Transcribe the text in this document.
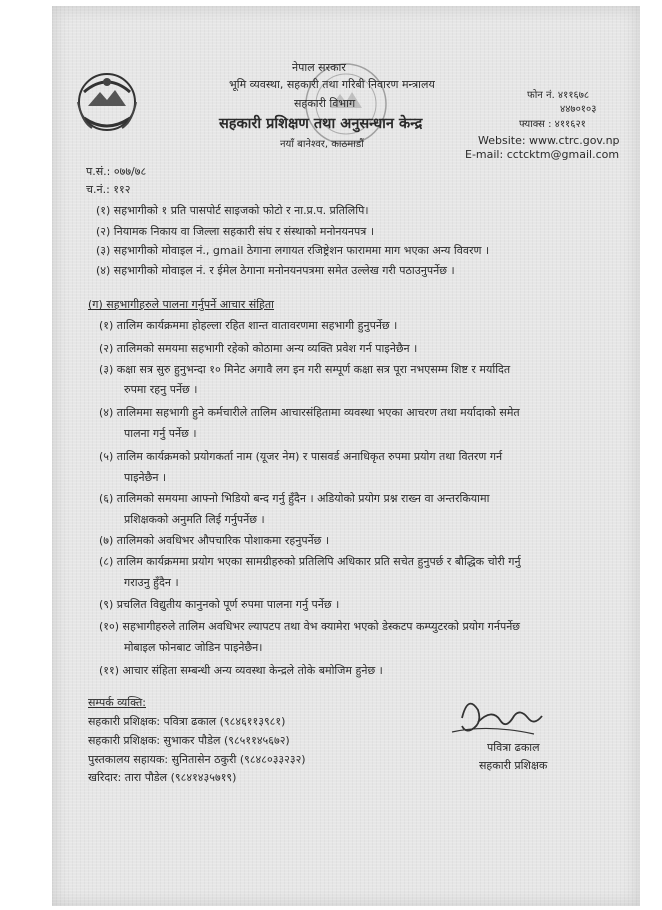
नेपाल सरकार
भूमि व्यवस्था, सहकारी तथा गरिबी निवारण मन्त्रालय
सहकारी विभाग
सहकारी प्रशिक्षण तथा अनुसन्धान केन्द्र
नयाँ बानेश्वर, काठमाडौं
फोन नं. ४११६७८
४४७०१०३
फ्याक्स : ४११६२१
Website: www.ctrc.gov.np
E-mail: cctcktm@gmail.com
प.सं.: ०७७/७८
च.नं.: ११२
(१) सहभागीको १ प्रति पासपोर्ट साइजको फोटो र ना.प्र.प. प्रतिलिपि।
(२) नियामक निकाय वा जिल्ला सहकारी संघ र संस्थाको मनोनयनपत्र ।
(३) सहभागीको मोवाइल नं., gmail ठेगाना लगायत रजिष्ट्रेशन फाराममा माग भएका अन्य विवरण ।
(४) सहभागीको मोवाइल नं. र ईमेल ठेगाना मनोनयनपत्रमा समेत उल्लेख गरी पठाउनुपर्नेछ ।
(ग) सहभागीहरुले पालना गर्नुपर्ने आचार संहिता
(१) तालिम कार्यक्रममा होहल्ला रहित शान्त वातावरणमा सहभागी हुनुपर्नेछ ।
(२) तालिमको समयमा सहभागी रहेको कोठामा अन्य व्यक्ति प्रवेश गर्न पाइनेछैन ।
(३) कक्षा सत्र सुरु हुनुभन्दा १० मिनेट अगावै लग इन गरी सम्पूर्ण कक्षा सत्र पूरा नभएसम्म शिष्ट र मर्यादित
रुपमा रहनु पर्नेछ ।
(४) तालिममा सहभागी हुने कर्मचारीले तालिम आचारसंहितामा व्यवस्था भएका आचरण तथा मर्यादाको समेत
पालना गर्नु पर्नेछ ।
(५) तालिम कार्यक्रमको प्रयोगकर्ता नाम (यूजर नेम) र पासवर्ड अनाधिकृत रुपमा प्रयोग तथा वितरण गर्न
पाइनेछैन ।
(६) तालिमको समयमा आफ्नो भिडियो बन्द गर्नु हुँदैन । अडियोको प्रयोग प्रश्न राख्न वा अन्तरकियामा
प्रशिक्षकको अनुमति लिई गर्नुपर्नेछ ।
(७) तालिमको अवधिभर औपचारिक पोशाकमा रहनुपर्नेछ ।
(८) तालिम कार्यक्रममा प्रयोग भएका सामग्रीहरुको प्रतिलिपि अधिकार प्रति सचेत हुनुपर्छ र बौद्धिक चोरी गर्नु
गराउनु हुँदैन ।
(९) प्रचलित विद्युतीय कानुनको पूर्ण रुपमा पालना गर्नु पर्नेछ ।
(१०) सहभागीहरुले तालिम अवधिभर ल्यापटप तथा वेभ क्यामेरा भएको डेस्कटप कम्प्युटरको प्रयोग गर्नपर्नेछ
मोबाइल फोनबाट जोडिन पाइनेछैन।
(११) आचार संहिता सम्बन्धी अन्य व्यवस्था केन्द्रले तोके बमोजिम हुनेछ ।
सम्पर्क व्यक्ति:
सहकारी प्रशिक्षक: पवित्रा ढकाल (९८४६११३९८१)
सहकारी प्रशिक्षक: सुभाकर पौडेल (९८५११४५६७२)
पुस्तकालय सहायक: सुनितासेन ठकुरी (९८४८०३३२३२)
खरिदार: तारा पौडेल (९८४१४३५७१९)
पवित्रा ढकाल
सहकारी प्रशिक्षक
